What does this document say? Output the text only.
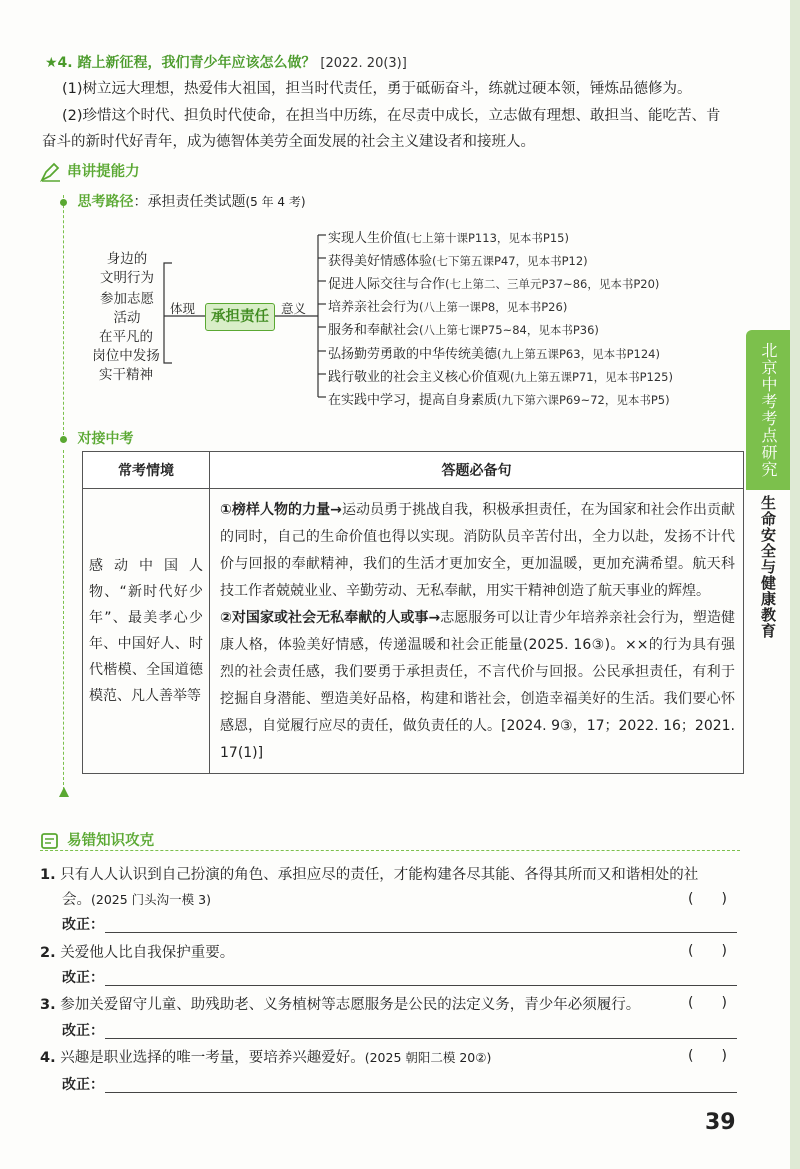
★4. 踏上新征程，我们青少年应该怎么做？ [2022. 20(3)]
(1)树立远大理想，热爱伟大祖国，担当时代责任，勇于砥砺奋斗，练就过硬本领，锤炼品德修为。
(2)珍惜这个时代、担负时代使命，在担当中历练，在尽责中成长，立志做有理想、敢担当、能吃苦、肯
奋斗的新时代好青年，成为德智体美劳全面发展的社会主义建设者和接班人。
串讲提能力
思考路径：承担责任类试题(5 年 4 考)
身边的
文明行为
参加志愿
活动
在平凡的
岗位中发扬
实干精神
体现
承担责任
意义
实现人生价值(七上第十课P113，见本书P15)
获得美好情感体验(七下第五课P47，见本书P12)
促进人际交往与合作(七上第二、三单元P37~86，见本书P20)
培养亲社会行为(八上第一课P8，见本书P26)
服务和奉献社会(八上第七课P75~84，见本书P36)
弘扬勤劳勇敢的中华传统美德(九上第五课P63，见本书P124)
践行敬业的社会主义核心价值观(九上第五课P71，见本书P125)
在实践中学习，提高自身素质(九下第六课P69~72，见本书P5)
对接中考
常考情境	答题必备句
感动中国人物、“新时代好少年”、最美孝心少年、中国好人、时代楷模、全国道德模范、凡人善举等	①榜样人物的力量→运动员勇于挑战自我，积极承担责任，在为国家和社会作出贡献的同时，自己的生命价值也得以实现。消防队员辛苦付出，全力以赴，发扬不计代价与回报的奉献精神，我们的生活才更加安全，更加温暖，更加充满希望。航天科技工作者兢兢业业、辛勤劳动、无私奉献，用实干精神创造了航天事业的辉煌。
②对国家或社会无私奉献的人或事→志愿服务可以让青少年培养亲社会行为，塑造健康人格，体验美好情感，传递温暖和社会正能量(2025. 16③)。××的行为具有强烈的社会责任感，我们要勇于承担责任，不言代价与回报。公民承担责任，有利于挖掘自身潜能、塑造美好品格，构建和谐社会，创造幸福美好的生活。我们要心怀感恩，自觉履行应尽的责任，做负责任的人。[2024. 9③，17；2022. 16；2021. 17(1)]
易错知识攻克
1. 只有人人认识到自己扮演的角色、承担应尽的责任，才能构建各尽其能、各得其所而又和谐相处的社
会。(2025 门头沟一模 3)	(　　)
改正：
2. 关爱他人比自我保护重要。	(　　)
改正：
3. 参加关爱留守儿童、助残助老、义务植树等志愿服务是公民的法定义务，青少年必须履行。	(　　)
改正：
4. 兴趣是职业选择的唯一考量，要培养兴趣爱好。(2025 朝阳二模 20②)	(　　)
改正：
北京中考考点研究
生命安全与健康教育
39
